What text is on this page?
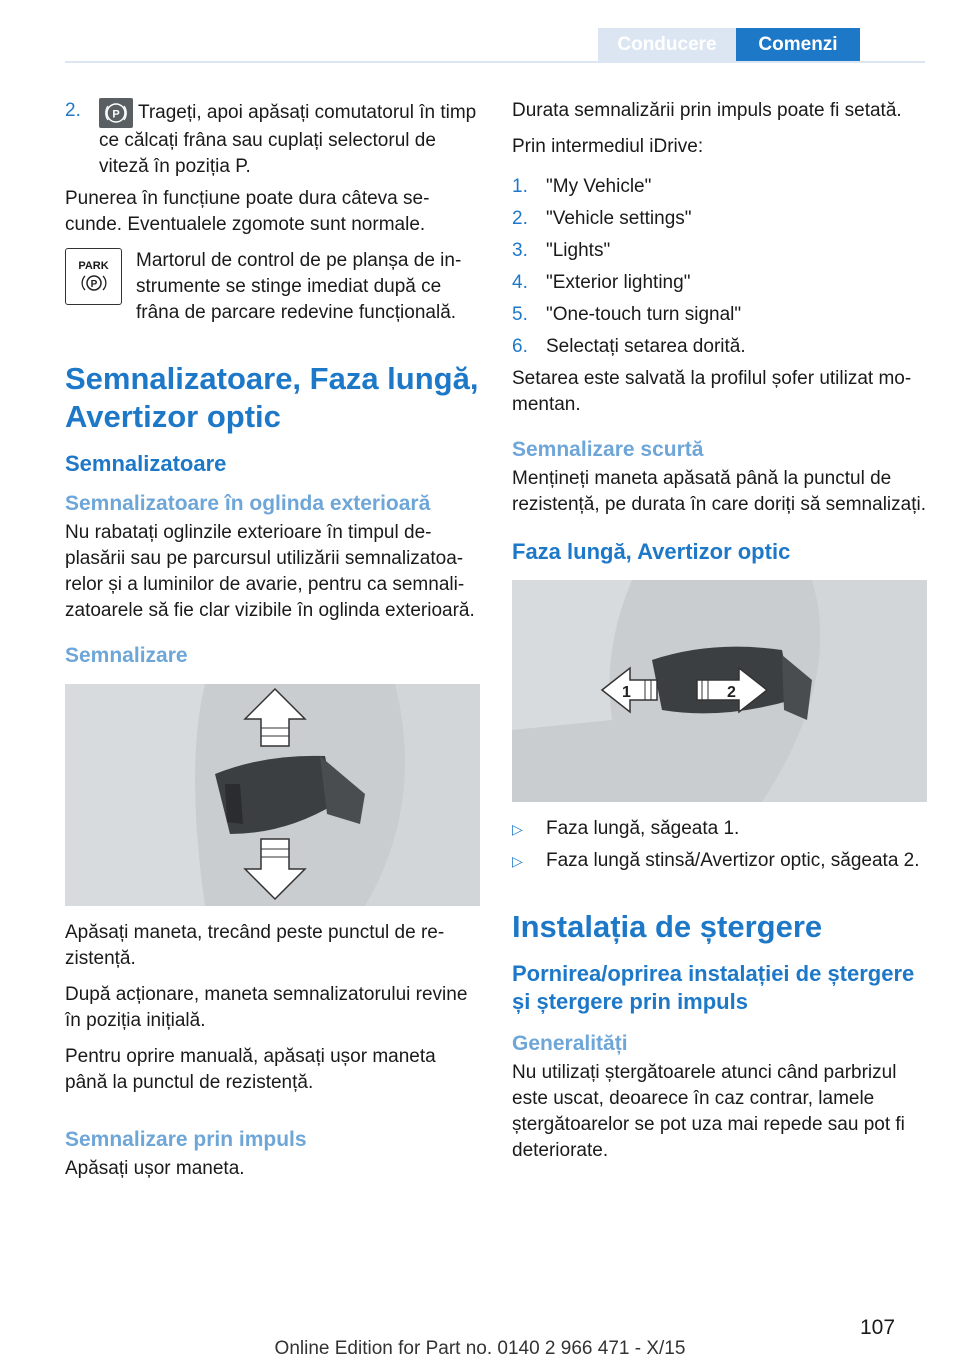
Conducere	Comenzi
2.	P Trageți, apoi apăsați comutatorul în timp ce călcați frâna sau cuplați selectorul de viteză în poziția P.

Punerea în funcțiune poate dura câteva secunde. Eventualele zgomote sunt normale.

PARK
P

Martorul de control de pe planșa de instrumente se stinge imediat după ce frâna de parcare redevine funcțională.

Semnalizatoare, Faza lungă, Avertizor optic
Semnalizatoare
Semnalizatoare în oglinda exterioară

Nu rabatați oglinzile exterioare în timpul deplasării sau pe parcursul utilizării semnalizatoarelor și a luminilor de avarie, pentru ca semnalizatoarele să fie clar vizibile în oglinda exterioară.

Semnalizare

Apăsați maneta, trecând peste punctul de rezistență.

După acționare, maneta semnalizatorului revine în poziția inițială.

Pentru oprire manuală, apăsați ușor maneta până la punctul de rezistență.

Semnalizare prin impuls

Apăsați ușor maneta.

Durata semnalizării prin impuls poate fi setată.

Prin intermediul iDrive:

1. "My Vehicle"
2. "Vehicle settings"
3. "Lights"
4. "Exterior lighting"
5. "One-touch turn signal"
6. Selectați setarea dorită.

Setarea este salvată la profilul șofer utilizat momentan.

Semnalizare scurtă

Mențineți maneta apăsată până la punctul de rezistență, pe durata în care doriți să semnalizați.

Faza lungă, Avertizor optic
1	2
▷	Faza lungă, săgeata 1.
▷	Faza lungă stinsă/Avertizor optic, săgeata 2.
Instalația de ștergere
Pornirea/oprirea instalației de ștergere și ștergere prin impuls
Generalități

Nu utilizați ștergătoarele atunci când parbrizul este uscat, deoarece în caz contrar, lamele ștergătoarelor se pot uza mai repede sau pot fi deteriorate.

107
Online Edition for Part no. 0140 2 966 471 - X/15
